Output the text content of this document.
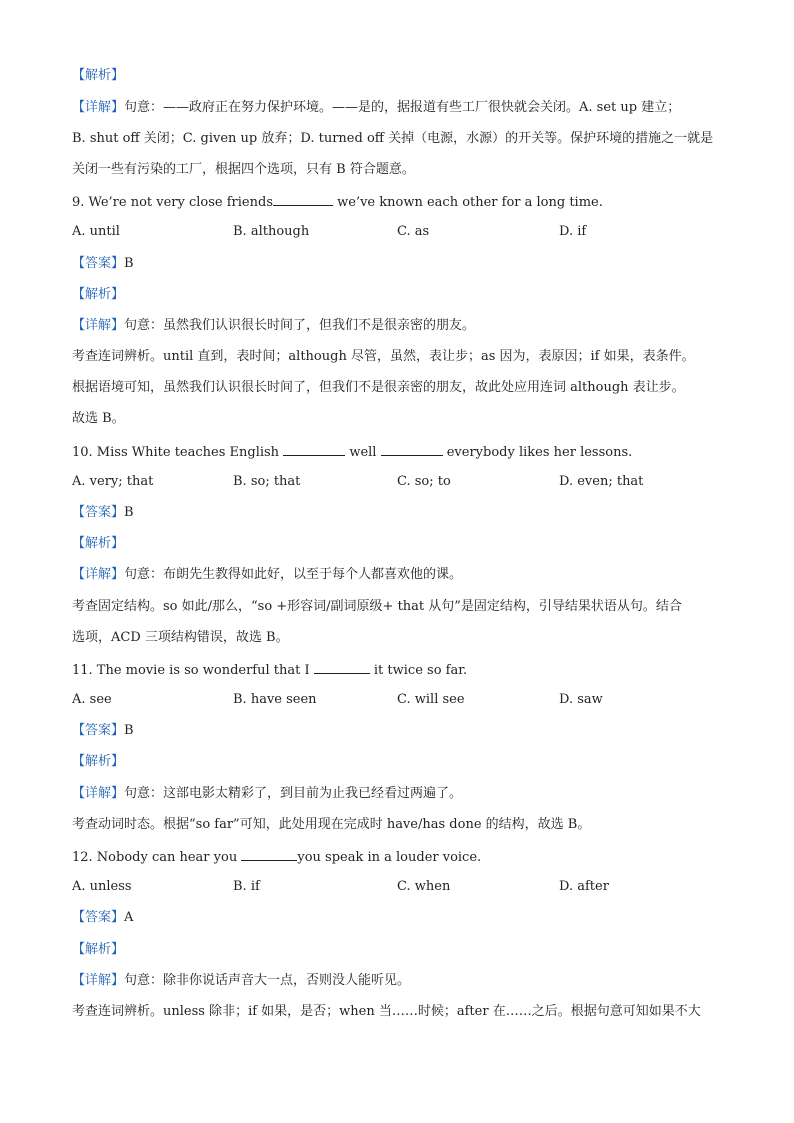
【解析】
【详解】句意：——政府正在努力保护环境。——是的，据报道有些工厂很快就会关闭。A. set up 建立；
B. shut off 关闭；C. given up 放弃；D. turned off 关掉（电源，水源）的开关等。保护环境的措施之一就是
关闭一些有污染的工厂，根据四个选项，只有 B 符合题意。
9. We’re not very close friends	we’ve known each other for a long time.
A. until	B. although	C. as	D. if
【答案】B
【解析】
【详解】句意：虽然我们认识很长时间了，但我们不是很亲密的朋友。
考查连词辨析。until 直到，表时间；although 尽管，虽然，表让步；as 因为，表原因；if 如果，表条件。
根据语境可知，虽然我们认识很长时间了，但我们不是很亲密的朋友，故此处应用连词 although 表让步。
故选 B。
10. Miss White teaches English	well	everybody likes her lessons.
A. very; that	B. so; that	C. so; to	D. even; that
【答案】B
【解析】
【详解】句意：布朗先生教得如此好，以至于每个人都喜欢他的课。
考查固定结构。so 如此/那么，“so +形容词/副词原级+ that 从句”是固定结构，引导结果状语从句。结合
选项，ACD 三项结构错误，故选 B。
11. The movie is so wonderful that I	it twice so far.
A. see	B. have seen	C. will see	D. saw
【答案】B
【解析】
【详解】句意：这部电影太精彩了，到目前为止我已经看过两遍了。
考查动词时态。根据“so far”可知，此处用现在完成时 have/has done 的结构，故选 B。
12. Nobody can hear you	you speak in a louder voice.
A. unless	B. if	C. when	D. after
【答案】A
【解析】
【详解】句意：除非你说话声音大一点，否则没人能听见。
考查连词辨析。unless 除非；if 如果，是否；when 当……时候；after 在……之后。根据句意可知如果不大
